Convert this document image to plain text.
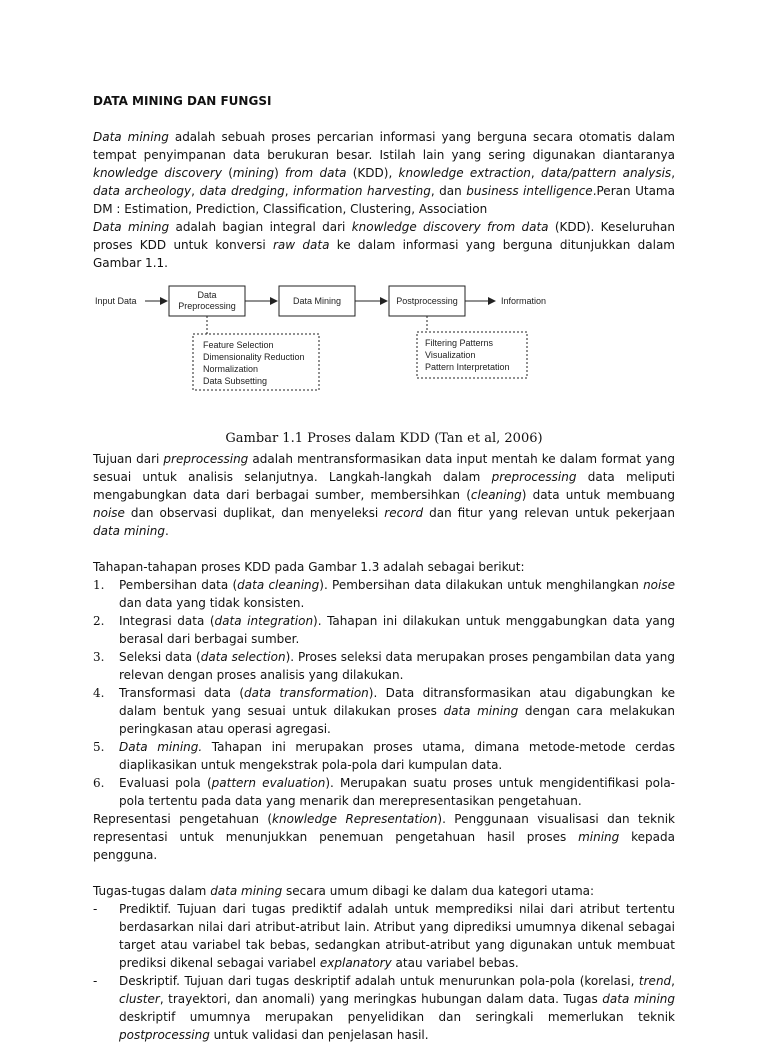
DATA MINING DAN FUNGSI

Data mining adalah sebuah proses percarian informasi yang berguna secara otomatis dalam tempat penyimpanan data berukuran besar. Istilah lain yang sering digunakan diantaranya knowledge discovery (mining) from data (KDD), knowledge extraction, data/pattern analysis, data archeology, data dredging, information harvesting, dan business intelligence.Peran Utama DM : Estimation, Prediction, Classification, Clustering, Association

Data mining adalah bagian integral dari knowledge discovery from data (KDD). Keseluruhan proses KDD untuk konversi raw data ke dalam informasi yang berguna ditunjukkan dalam Gambar 1.1.

Input Data
Data
Preprocessing	Data Mining	Postprocessing	Information
Feature Selection
Dimensionality Reduction
Normalization
Data Subsetting
Filtering Patterns
Visualization
Pattern Interpretation
Gambar 1.1 Proses dalam KDD (Tan et al, 2006)

Tujuan dari preprocessing adalah mentransformasikan data input mentah ke dalam format yang sesuai untuk analisis selanjutnya. Langkah-langkah dalam preprocessing data meliputi mengabungkan data dari berbagai sumber, membersihkan (cleaning) data untuk membuang noise dan observasi duplikat, dan menyeleksi record dan fitur yang relevan untuk pekerjaan data mining.

Tahapan-tahapan proses KDD pada Gambar 1.3 adalah sebagai berikut:

1. Pembersihan data (data cleaning). Pembersihan data dilakukan untuk menghilangkan noise dan data yang tidak konsisten.
2. Integrasi data (data integration). Tahapan ini dilakukan untuk menggabungkan data yang berasal dari berbagai sumber.
3. Seleksi data (data selection). Proses seleksi data merupakan proses pengambilan data yang relevan dengan proses analisis yang dilakukan.
4. Transformasi data (data transformation). Data ditransformasikan atau digabungkan ke dalam bentuk yang sesuai untuk dilakukan proses data mining dengan cara melakukan peringkasan atau operasi agregasi.
5. Data mining. Tahapan ini merupakan proses utama, dimana metode-metode cerdas diaplikasikan untuk mengekstrak pola-pola dari kumpulan data.
6. Evaluasi pola (pattern evaluation). Merupakan suatu proses untuk mengidentifikasi pola-pola tertentu pada data yang menarik dan merepresentasikan pengetahuan.

Representasi pengetahuan (knowledge Representation). Penggunaan visualisasi dan teknik representasi untuk menunjukkan penemuan pengetahuan hasil proses mining kepada pengguna.

Tugas-tugas dalam data mining secara umum dibagi ke dalam dua kategori utama:

- Prediktif. Tujuan dari tugas prediktif adalah untuk memprediksi nilai dari atribut tertentu berdasarkan nilai dari atribut-atribut lain. Atribut yang diprediksi umumnya dikenal sebagai target atau variabel tak bebas, sedangkan atribut-atribut yang digunakan untuk membuat prediksi dikenal sebagai variabel explanatory atau variabel bebas.
- Deskriptif. Tujuan dari tugas deskriptif adalah untuk menurunkan pola-pola (korelasi, trend, cluster, trayektori, dan anomali) yang meringkas hubungan dalam data. Tugas data mining deskriptif umumnya merupakan penyelidikan dan seringkali memerlukan teknik postprocessing untuk validasi dan penjelasan hasil.
